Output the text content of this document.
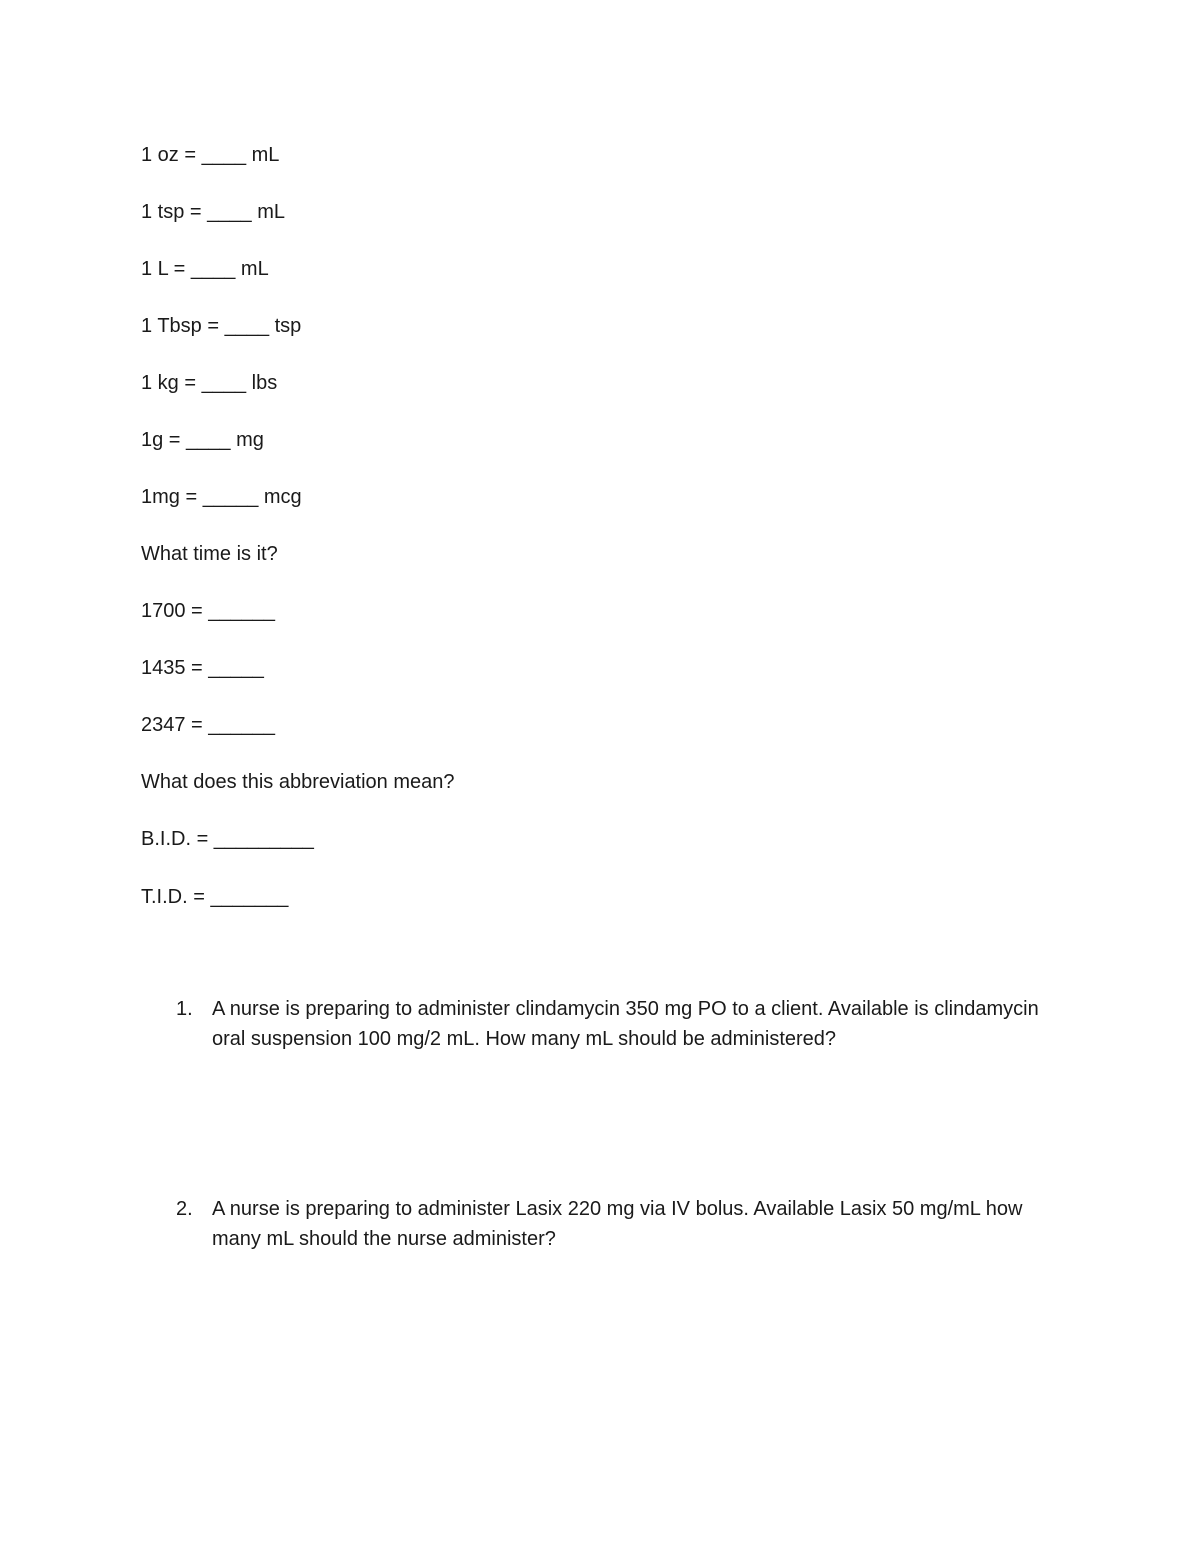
1 oz = ____ mL
1 tsp = ____ mL
1 L = ____ mL
1 Tbsp = ____ tsp
1 kg = ____ lbs
1g = ____ mg
1mg = _____ mcg
What time is it?
1700 = ______
1435 = _____
2347 = ______
What does this abbreviation mean?
B.I.D. = _________
T.I.D. = _______
1. A nurse is preparing to administer clindamycin 350 mg PO to a client. Available is clindamycin oral suspension 100 mg/2 mL. How many mL should be administered?
2. A nurse is preparing to administer Lasix 220 mg via IV bolus. Available Lasix 50 mg/mL how many mL should the nurse administer?
